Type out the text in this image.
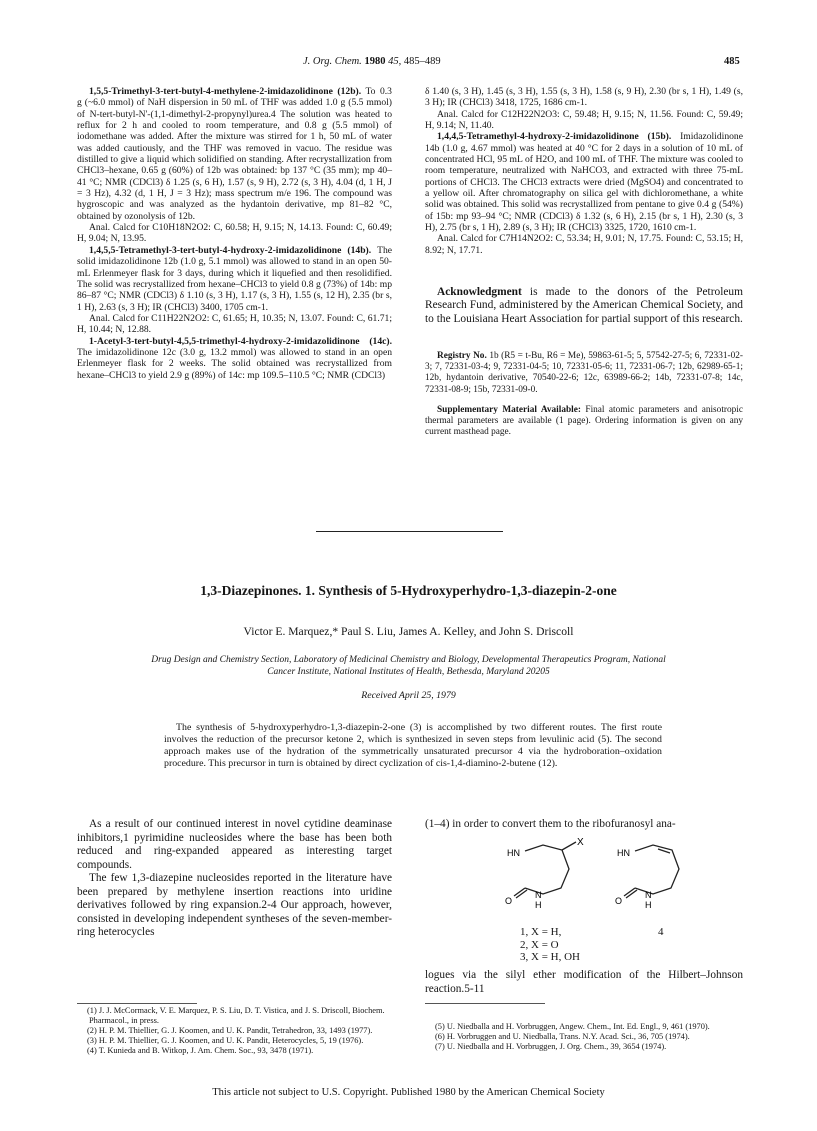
J. Org. Chem. 1980 45, 485–489	485

1,5,5-Trimethyl-3-tert-butyl-4-methylene-2-imidazolidinone (12b). To 0.3 g (~6.0 mmol) of NaH dispersion in 50 mL of THF was added 1.0 g (5.5 mmol) of N-tert-butyl-N'-(1,1-dimethyl-2-propynyl)urea.4 The solution was heated to reflux for 2 h and cooled to room temperature, and 0.8 g (5.5 mmol) of iodomethane was added. After the mixture was stirred for 1 h, 50 mL of water was added cautiously, and the THF was removed in vacuo. The residue was distilled to give a liquid which solidified on standing. After recrystallization from CHCl3–hexane, 0.65 g (60%) of 12b was obtained: bp 137 °C (35 mm); mp 40–41 °C; NMR (CDCl3) δ 1.25 (s, 6 H), 1.57 (s, 9 H), 2.72 (s, 3 H), 4.04 (d, 1 H, J = 3 Hz), 4.32 (d, 1 H, J = 3 Hz); mass spectrum m/e 196. The compound was hygroscopic and was analyzed as the hydantoin derivative, mp 81–82 °C, obtained by ozonolysis of 12b.

Anal. Calcd for C10H18N2O2: C, 60.58; H, 9.15; N, 14.13. Found: C, 60.49; H, 9.04; N, 13.95.

1,4,5,5-Tetramethyl-3-tert-butyl-4-hydroxy-2-imidazolidinone (14b). The solid imidazolidinone 12b (1.0 g, 5.1 mmol) was allowed to stand in an open 50-mL Erlenmeyer flask for 3 days, during which it liquefied and then resolidified. The solid was recrystallized from hexane–CHCl3 to yield 0.8 g (73%) of 14b: mp 86–87 °C; NMR (CDCl3) δ 1.10 (s, 3 H), 1.17 (s, 3 H), 1.55 (s, 12 H), 2.35 (br s, 1 H), 2.63 (s, 3 H); IR (CHCl3) 3400, 1705 cm-1.

Anal. Calcd for C11H22N2O2: C, 61.65; H, 10.35; N, 13.07. Found: C, 61.71; H, 10.44; N, 12.88.

1-Acetyl-3-tert-butyl-4,5,5-trimethyl-4-hydroxy-2-imidazolidinone (14c). The imidazolidinone 12c (3.0 g, 13.2 mmol) was allowed to stand in an open Erlenmeyer flask for 2 weeks. The solid obtained was recrystallized from hexane–CHCl3 to yield 2.9 g (89%) of 14c: mp 109.5–110.5 °C; NMR (CDCl3)

δ 1.40 (s, 3 H), 1.45 (s, 3 H), 1.55 (s, 3 H), 1.58 (s, 9 H), 2.30 (br s, 1 H), 1.49 (s, 3 H); IR (CHCl3) 3418, 1725, 1686 cm-1.

Anal. Calcd for C12H22N2O3: C, 59.48; H, 9.15; N, 11.56. Found: C, 59.49; H, 9.14; N, 11.40.

1,4,4,5-Tetramethyl-4-hydroxy-2-imidazolidinone (15b). Imidazolidinone 14b (1.0 g, 4.67 mmol) was heated at 40 °C for 2 days in a solution of 10 mL of concentrated HCl, 95 mL of H2O, and 100 mL of THF. The mixture was cooled to room temperature, neutralized with NaHCO3, and extracted with three 75-mL portions of CHCl3. The CHCl3 extracts were dried (MgSO4) and concentrated to a yellow oil. After chromatography on silica gel with dichloromethane, a white solid was obtained. This solid was recrystallized from pentane to give 0.4 g (54%) of 15b: mp 93–94 °C; NMR (CDCl3) δ 1.32 (s, 6 H), 2.15 (br s, 1 H), 2.30 (s, 3 H), 2.75 (br s, 1 H), 2.89 (s, 3 H); IR (CHCl3) 3325, 1720, 1610 cm-1.

Anal. Calcd for C7H14N2O2: C, 53.34; H, 9.01; N, 17.75. Found: C, 53.15; H, 8.92; N, 17.71.

Acknowledgment is made to the donors of the Petroleum Research Fund, administered by the American Chemical Society, and to the Louisiana Heart Association for partial support of this research.

Registry No. 1b (R5 = t-Bu, R6 = Me), 59863-61-5; 5, 57542-27-5; 6, 72331-02-3; 7, 72331-03-4; 9, 72331-04-5; 10, 72331-05-6; 11, 72331-06-7; 12b, 62989-65-1; 12b, hydantoin derivative, 70540-22-6; 12c, 63989-66-2; 14b, 72331-07-8; 14c, 72331-08-9; 15b, 72331-09-0.

Supplementary Material Available: Final atomic parameters and anisotropic thermal parameters are available (1 page). Ordering information is given on any current masthead page.

1,3-Diazepinones. 1. Synthesis of 5-Hydroxyperhydro-1,3-diazepin-2-one
Victor E. Marquez,* Paul S. Liu, James A. Kelley, and John S. Driscoll
Drug Design and Chemistry Section, Laboratory of Medicinal Chemistry and Biology, Developmental Therapeutics Program, National Cancer Institute, National Institutes of Health, Bethesda, Maryland 20205
Received April 25, 1979
The synthesis of 5-hydroxyperhydro-1,3-diazepin-2-one (3) is accomplished by two different routes. The first route involves the reduction of the precursor ketone 2, which is synthesized in seven steps from levulinic acid (5). The second approach makes use of the hydration of the symmetrically unsaturated precursor 4 via the hydroboration–oxidation procedure. This precursor in turn is obtained by direct cyclization of cis-1,4-diamino-2-butene (12).

As a result of our continued interest in novel cytidine deaminase inhibitors,1 pyrimidine nucleosides where the base has been both reduced and ring-expanded appeared as interesting target compounds.

The few 1,3-diazepine nucleosides reported in the literature have been prepared by methylene insertion reactions into uridine derivatives followed by ring expansion.2-4 Our approach, however, consisted in developing independent syntheses of the seven-member-ring heterocycles

(1–4) in order to convert them to the ribofuranosyl ana-

HN
X
N
H
O
HN
N
H
O
1, X = H,
2, X = O
3, X = H, OH
4

logues via the silyl ether modification of the Hilbert–Johnson reaction.5-11

(1) J. J. McCormack, V. E. Marquez, P. S. Liu, D. T. Vistica, and J. S. Driscoll, Biochem. Pharmacol., in press.

(2) H. P. M. Thiellier, G. J. Koomen, and U. K. Pandit, Tetrahedron, 33, 1493 (1977).

(3) H. P. M. Thiellier, G. J. Koomen, and U. K. Pandit, Heterocycles, 5, 19 (1976).

(4) T. Kunieda and B. Witkop, J. Am. Chem. Soc., 93, 3478 (1971).

(5) U. Niedballa and H. Vorbruggen, Angew. Chem., Int. Ed. Engl., 9, 461 (1970).

(6) H. Vorbruggen and U. Niedballa, Trans. N.Y. Acad. Sci., 36, 705 (1974).

(7) U. Niedballa and H. Vorbruggen, J. Org. Chem., 39, 3654 (1974).

This article not subject to U.S. Copyright. Published 1980 by the American Chemical Society
